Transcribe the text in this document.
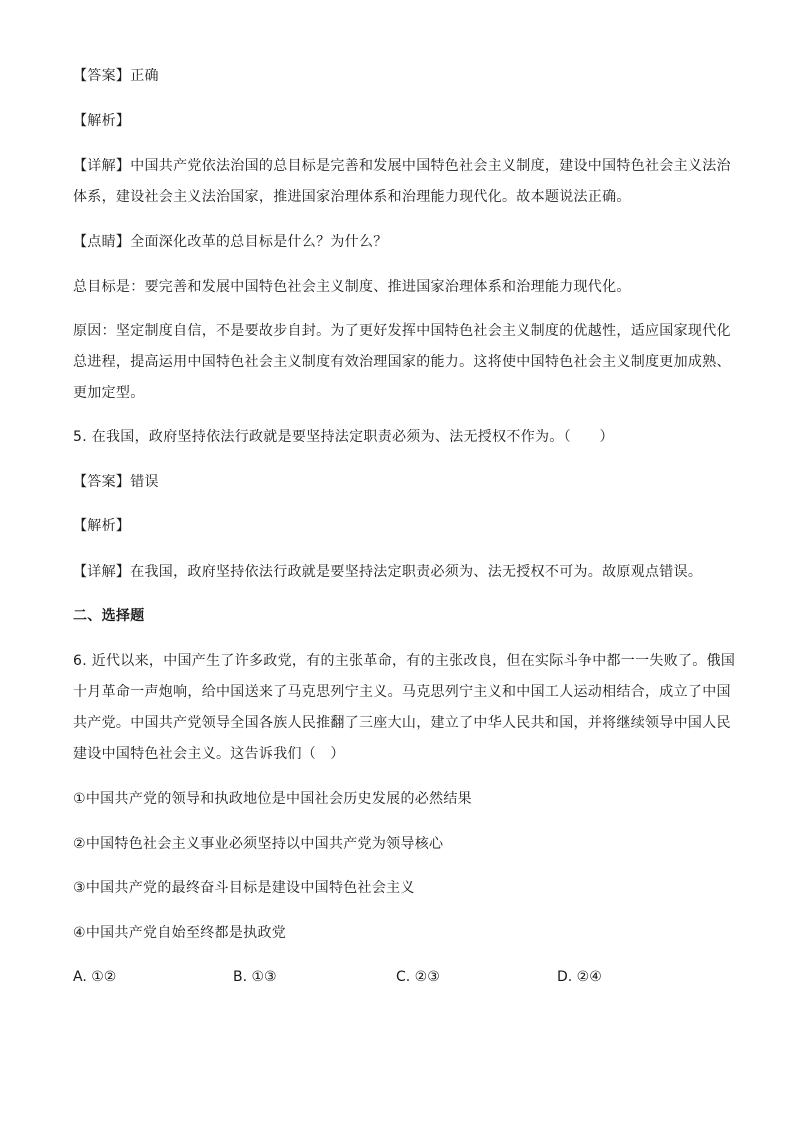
【答案】正确
【解析】
【详解】中国共产党依法治国的总目标是完善和发展中国特色社会主义制度，建设中国特色社会主义法治
体系，建设社会主义法治国家，推进国家治理体系和治理能力现代化。故本题说法正确。
【点睛】全面深化改革的总目标是什么？为什么？
总目标是：要完善和发展中国特色社会主义制度、推进国家治理体系和治理能力现代化。
原因：坚定制度自信，不是要故步自封。为了更好发挥中国特色社会主义制度的优越性，适应国家现代化
总进程，提高运用中国特色社会主义制度有效治理国家的能力。这将使中国特色社会主义制度更加成熟、
更加定型。
5. 在我国，政府坚持依法行政就是要坚持法定职责必须为、法无授权不作为。（　　）
【答案】错误
【解析】
【详解】在我国，政府坚持依法行政就是要坚持法定职责必须为、法无授权不可为。故原观点错误。
二、选择题
6. 近代以来，中国产生了许多政党，有的主张革命，有的主张改良，但在实际斗争中都一一失败了。俄国
十月革命一声炮响，给中国送来了马克思列宁主义。马克思列宁主义和中国工人运动相结合，成立了中国
共产党。中国共产党领导全国各族人民推翻了三座大山，建立了中华人民共和国，并将继续领导中国人民
建设中国特色社会主义。这告诉我们（　）
①中国共产党的领导和执政地位是中国社会历史发展的必然结果
②中国特色社会主义事业必须坚持以中国共产党为领导核心
③中国共产党的最终奋斗目标是建设中国特色社会主义
④中国共产党自始至终都是执政党
A. ①②	B. ①③	C. ②③	D. ②④
